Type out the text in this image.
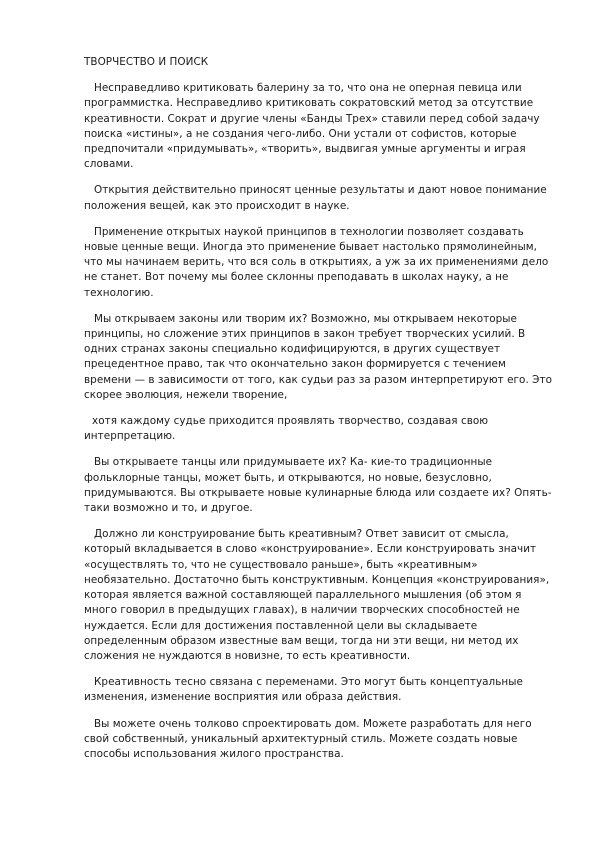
ТВОРЧЕСТВО И ПОИСК

Несправедливо критиковать балерину за то, что она не оперная певица или программистка. Несправедливо критиковать сократовский метод за отсутствие креативности. Сократ и другие члены «Банды Трех» ставили перед собой задачу поиска «истины», а не создания чего-либо. Они устали от софистов, которые предпочитали «придумывать», «творить», выдвигая умные аргументы и играя словами.

Открытия действительно приносят ценные результаты и дают новое понимание положения вещей, как это происходит в науке.

Применение открытых наукой принципов в технологии позволяет создавать новые ценные вещи. Иногда это применение бывает настолько прямолинейным, что мы начинаем верить, что вся соль в открытиях, а уж за их применениями дело не станет. Вот почему мы более склонны преподавать в школах науку, а не технологию.

Мы открываем законы или творим их? Возможно, мы открываем некоторые принципы, но сложение этих принципов в закон требует творческих усилий. В одних странах законы специально кодифицируются, в других существует прецедентное право, так что окончательно закон формируется с течением времени — в зависимости от того, как судьи раз за разом интерпретируют его. Это скорее эволюция, нежели творение,

хотя каждому судье приходится проявлять творчество, создавая свою интерпретацию.

Вы открываете танцы или придумываете их? Ка- кие-то традиционные фольклорные танцы, может быть, и открываются, но новые, безусловно, придумываются. Вы открываете новые кулинарные блюда или создаете их? Опять-таки возможно и то, и другое.

Должно ли конструирование быть креативным? Ответ зависит от смысла, который вкладывается в слово «конструирование». Если конструировать значит «осуществлять то, что не существовало раньше», быть «креативным» необязательно. Достаточно быть конструктивным. Концепция «конструирования», которая является важной составляющей параллельного мышления (об этом я много говорил в предыдущих главах), в наличии творческих способностей не нуждается. Если для достижения поставленной цели вы складываете определенным образом известные вам вещи, тогда ни эти вещи, ни метод их сложения не нуждаются в новизне, то есть креативности.

Креативность тесно связана с переменами. Это могут быть концептуальные изменения, изменение восприятия или образа действия.

Вы можете очень толково спроектировать дом. Можете разработать для него свой собственный, уникальный архитектурный стиль. Можете создать новые способы использования жилого пространства.
